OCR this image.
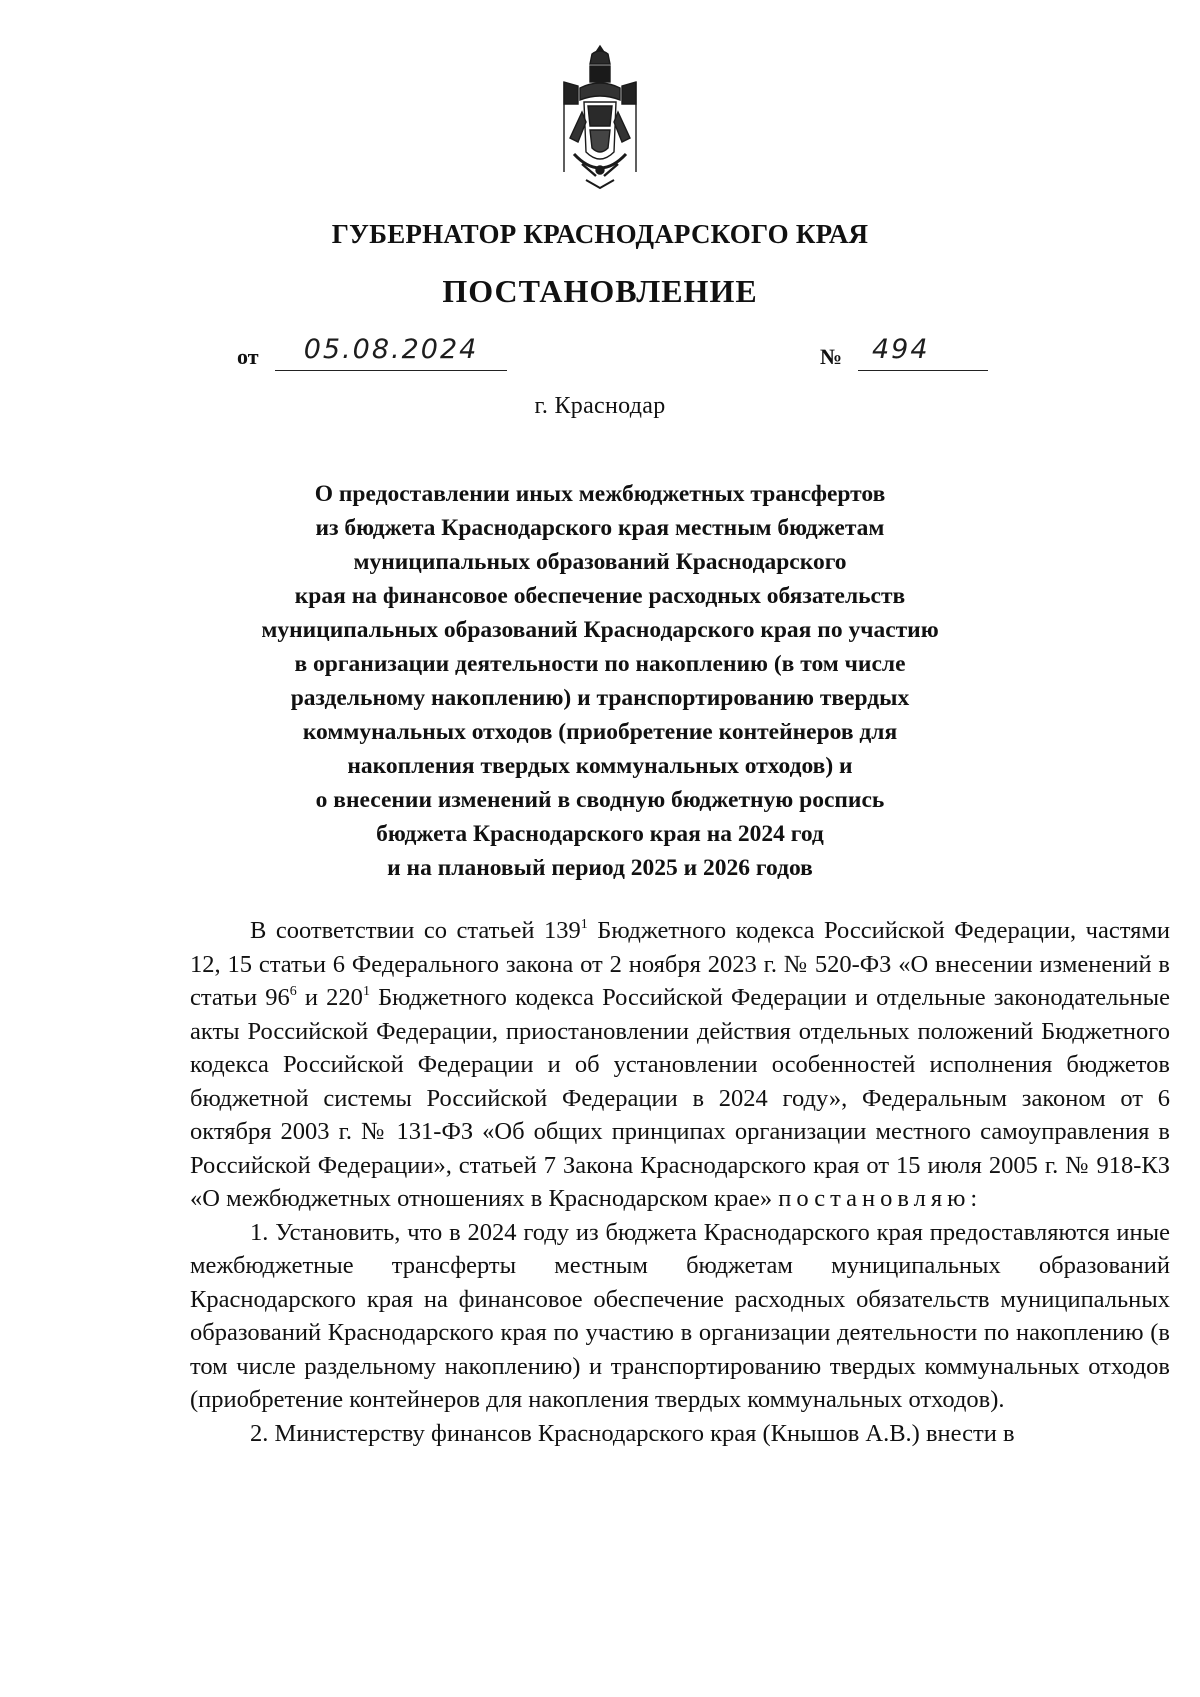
ГУБЕРНАТОР КРАСНОДАРСКОГО КРАЯ
ПОСТАНОВЛЕНИЕ
от	05.08.2024	№	494
г. Краснодар
О предоставлении иных межбюджетных трансфертов
из бюджета Краснодарского края местным бюджетам
муниципальных образований Краснодарского
края на финансовое обеспечение расходных обязательств
муниципальных образований Краснодарского края по участию
в организации деятельности по накоплению (в том числе
раздельному накоплению) и транспортированию твердых
коммунальных отходов (приобретение контейнеров для
накопления твердых коммунальных отходов) и
о внесении изменений в сводную бюджетную роспись
бюджета Краснодарского края на 2024 год
и на плановый период 2025 и 2026 годов

В соответствии со статьей $139^1$ Бюджетного кодекса Российской Федерации, частями 12, 15 статьи 6 Федерального закона от 2 ноября 2023 г. № 520-ФЗ «О внесении изменений в статьи $96^6$ и $220^1$ Бюджетного кодекса Российской Федерации и отдельные законодательные акты Российской Федерации, приостановлении действия отдельных положений Бюджетного кодекса Российской Федерации и об установлении особенностей исполнения бюджетов бюджетной системы Российской Федерации в 2024 году», Федеральным законом от 6 октября 2003 г. № 131-ФЗ «Об общих принципах организации местного самоуправления в Российской Федерации», статьей 7 Закона Краснодарского края от 15 июля 2005 г. № 918-КЗ «О межбюджетных отношениях в Краснодарском крае» постановляю:

1. Установить, что в 2024 году из бюджета Краснодарского края предоставляются иные межбюджетные трансферты местным бюджетам муниципальных образований Краснодарского края на финансовое обеспечение расходных обязательств муниципальных образований Краснодарского края по участию в организации деятельности по накоплению (в том числе раздельному накоплению) и транспортированию твердых коммунальных отходов (приобретение контейнеров для накопления твердых коммунальных отходов).

2. Министерству финансов Краснодарского края (Кнышов А.В.) внести в
